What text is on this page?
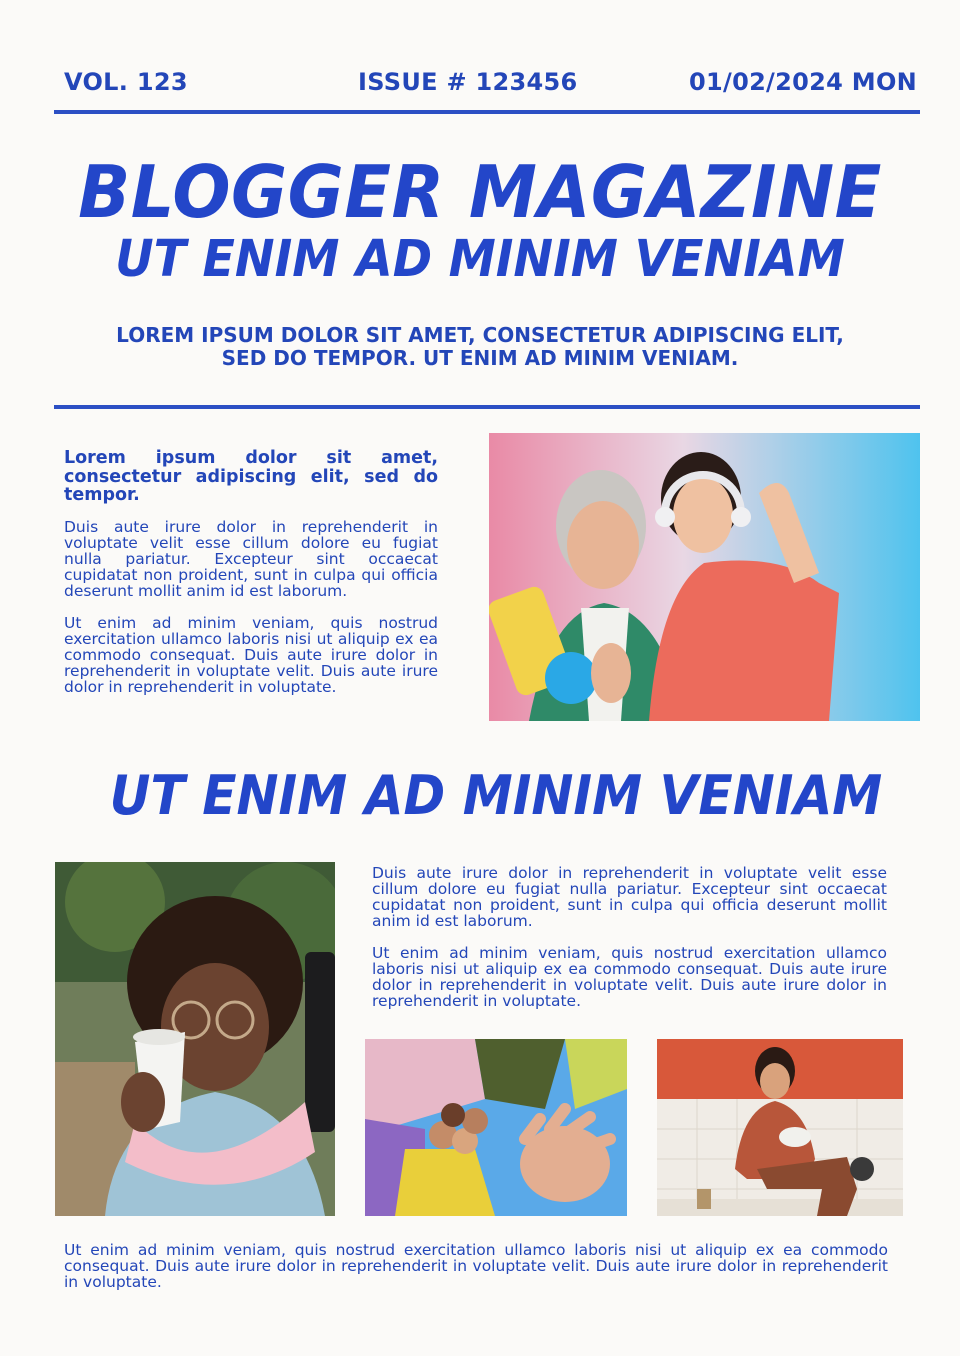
VOL. 123	ISSUE # 123456	01/02/2024 MON
BLOGGER MAGAZINE
UT ENIM AD MINIM VENIAM
LOREM IPSUM DOLOR SIT AMET, CONSECTETUR ADIPISCING ELIT,
SED DO TEMPOR. UT ENIM AD MINIM VENIAM.

Lorem ipsum dolor sit amet, consectetur adipiscing elit, sed do tempor.

Duis aute irure dolor in reprehenderit in voluptate velit esse cillum dolore eu fugiat nulla pariatur. Excepteur sint occaecat cupidatat non proident, sunt in culpa qui officia deserunt mollit anim id est laborum.

Ut enim ad minim veniam, quis nostrud exercitation ullamco laboris nisi ut aliquip ex ea commodo consequat. Duis aute irure dolor in reprehenderit in voluptate velit. Duis aute irure dolor in reprehenderit in voluptate.

UT ENIM AD MINIM VENIAM

Duis aute irure dolor in reprehenderit in voluptate velit esse cillum dolore eu fugiat nulla pariatur. Excepteur sint occaecat cupidatat non proident, sunt in culpa qui officia deserunt mollit anim id est laborum.

Ut enim ad minim veniam, quis nostrud exercitation ullamco laboris nisi ut aliquip ex ea commodo consequat. Duis aute irure dolor in reprehenderit in voluptate velit. Duis aute irure dolor in reprehenderit in voluptate.

Ut enim ad minim veniam, quis nostrud exercitation ullamco laboris nisi ut aliquip ex ea commodo consequat. Duis aute irure dolor in reprehenderit in voluptate velit. Duis aute irure dolor in reprehenderit in voluptate.
